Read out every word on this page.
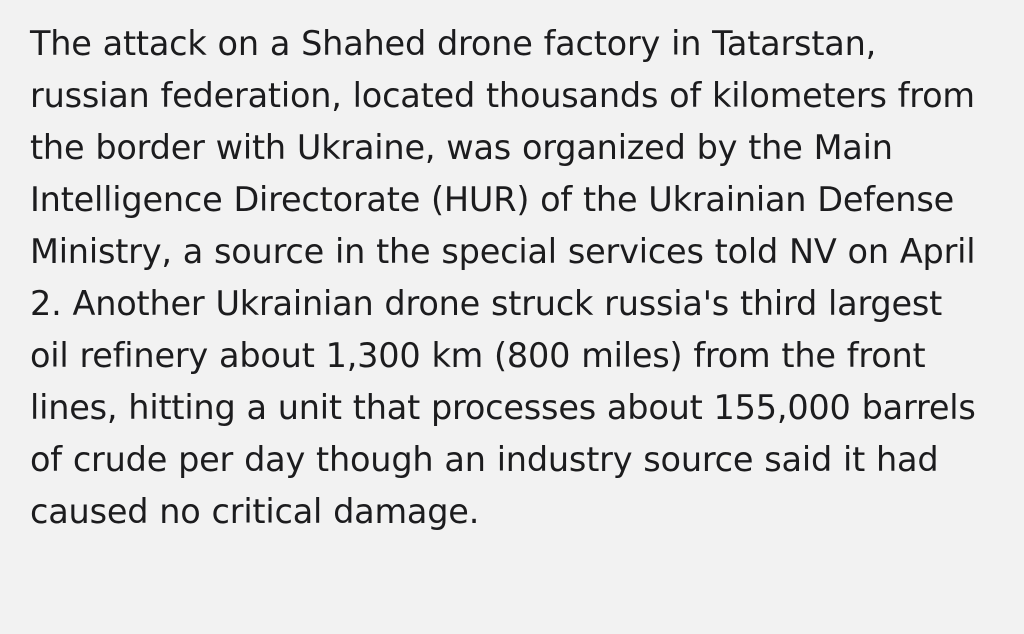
The attack on a Shahed drone factory in Tatarstan, russian federation, located thousands of kilometers from the border with Ukraine, was organized by the Main Intelligence Directorate (HUR) of the Ukrainian Defense Ministry, a source in the special services told NV on April 2. Another Ukrainian drone struck russia's third largest oil refinery about 1,300 km (800 miles) from the front lines, hitting a unit that processes about 155,000 barrels of crude per day though an industry source said it had caused no critical damage.
